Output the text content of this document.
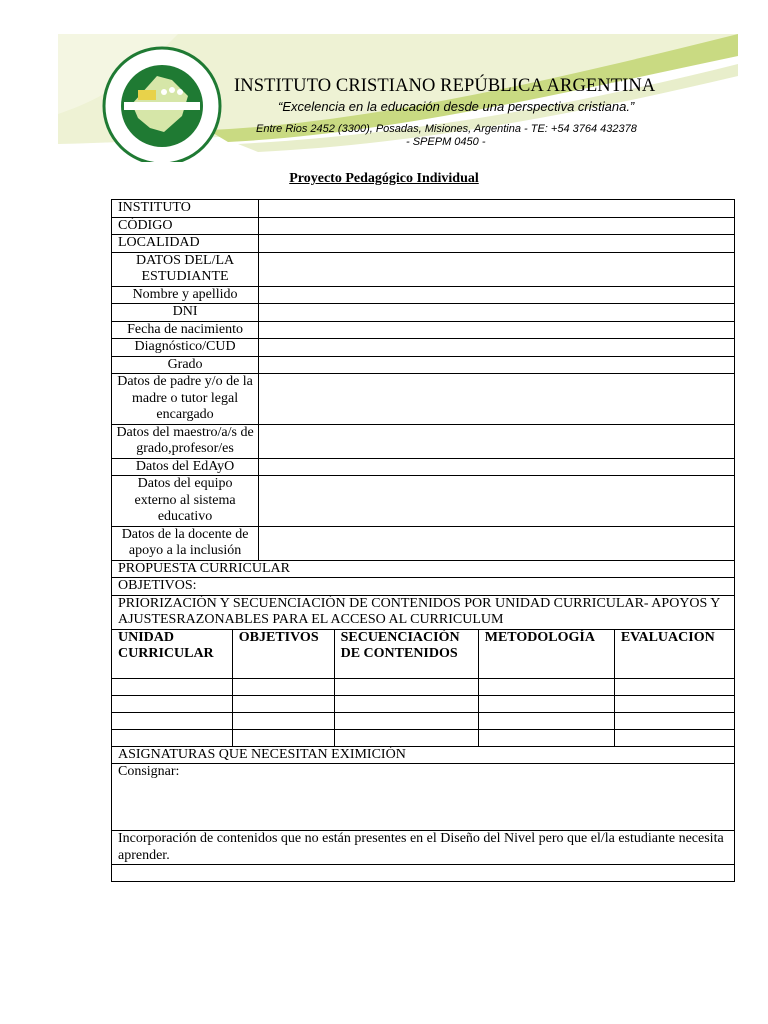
INSTITUTO CRISTIANO REPÚBLICA ARGENTINA
“Excelencia en la educación desde una perspectiva cristiana.”
Entre Rios 2452 (3300), Posadas, Misiones, Argentina - TE: +54 3764 432378
- SPEPM 0450 -
Proyecto Pedagógico Individual
INSTITUTO					
CÓDIGO					
LOCALIDAD					
DATOS DEL/LA ESTUDIANTE					
Nombre y apellido					
DNI					
Fecha de nacimiento					
Diagnóstico/CUD					
Grado					
Datos de padre y/o de la madre o tutor legal encargado					
Datos del maestro/a/s de grado,profesor/es					
Datos del EdAyO					
Datos del equipo externo al sistema educativo					
Datos de la docente de apoyo a la inclusión					
PROPUESTA CURRICULAR					
OBJETIVOS:					
PRIORIZACIÓN Y SECUENCIACIÓN DE CONTENIDOS POR UNIDAD CURRICULAR- APOYOS Y AJUSTESRAZONABLES PARA EL ACCESO AL CURRICULUM					
UNIDAD CURRICULAR	OBJETIVOS		SECUENCIACIÓN DE CONTENIDOS	METODOLOGÍA	EVALUACION

ASIGNATURAS QUE NECESITAN EXIMICIÓN					
Consignar:					
Incorporación de contenidos que no están presentes en el Diseño del Nivel pero que el/la estudiante necesita aprender.					
